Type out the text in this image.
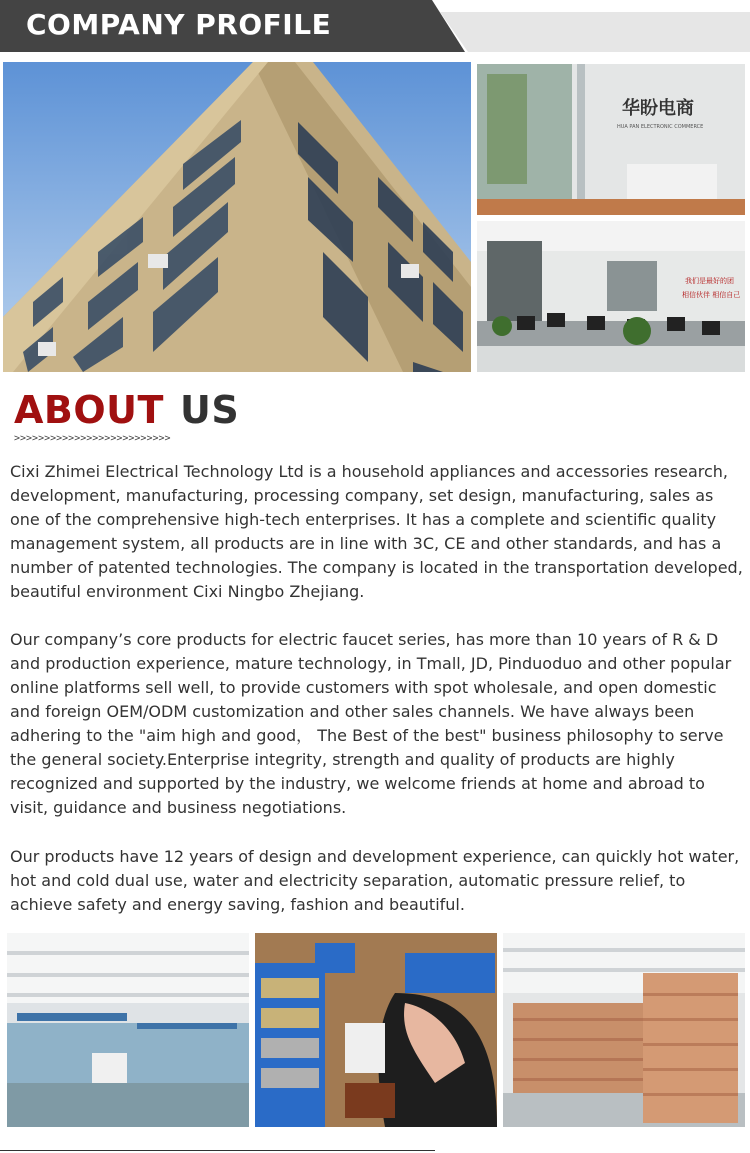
COMPANY PROFILE
华盼电商
HUA PAN ELECTRONIC COMMERCE
我们是最好的团
相信伙伴 相信自己
ABOUT US
>>>>>>>>>>>>>>>>>>>>>>>>>>

Cixi Zhimei Electrical Technology Ltd is a household appliances and accessories research, development, manufacturing, processing company, set design, manufacturing, sales as one of the comprehensive high-tech enterprises. It has a complete and scientific quality management system, all products are in line with 3C, CE and other standards, and has a number of patented technologies. The company is located in the transportation developed, beautiful environment Cixi Ningbo Zhejiang.

Our company’s core products for electric faucet series, has more than 10 years of R & D and production experience, mature technology, in Tmall, JD, Pinduoduo and other popular online platforms sell well, to provide customers with spot wholesale, and open domestic and foreign OEM/ODM customization and other sales channels. We have always been adhering to the "aim high and good， The Best of the best" business philosophy to serve the general society.Enterprise integrity, strength and quality of products are highly recognized and supported by the industry, we welcome friends at home and abroad to visit, guidance and business negotiations.

Our products have 12 years of design and development experience, can quickly hot water, hot and cold dual use, water and electricity separation, automatic pressure relief, to achieve safety and energy saving, fashion and beautiful.
